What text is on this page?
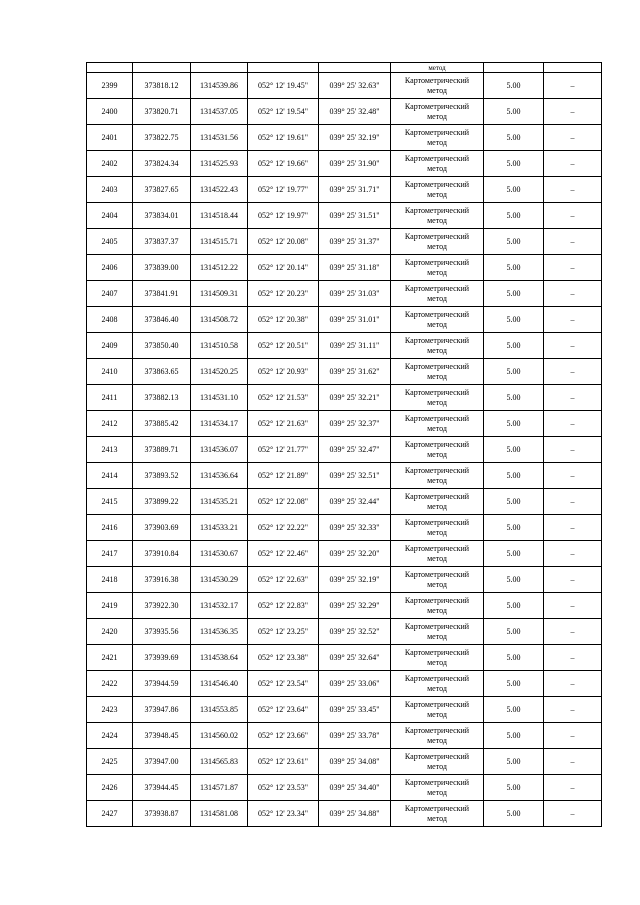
					метод		
2399	373818.12	1314539.86	052° 12' 19.45"	039° 25' 32.63"	Картометрический
метод	5.00	–
2400	373820.71	1314537.05	052° 12' 19.54"	039° 25' 32.48"	Картометрический
метод	5.00	–
2401	373822.75	1314531.56	052° 12' 19.61"	039° 25' 32.19"	Картометрический
метод	5.00	–
2402	373824.34	1314525.93	052° 12' 19.66"	039° 25' 31.90"	Картометрический
метод	5.00	–
2403	373827.65	1314522.43	052° 12' 19.77"	039° 25' 31.71"	Картометрический
метод	5.00	–
2404	373834.01	1314518.44	052° 12' 19.97"	039° 25' 31.51"	Картометрический
метод	5.00	–
2405	373837.37	1314515.71	052° 12' 20.08"	039° 25' 31.37"	Картометрический
метод	5.00	–
2406	373839.00	1314512.22	052° 12' 20.14"	039° 25' 31.18"	Картометрический
метод	5.00	–
2407	373841.91	1314509.31	052° 12' 20.23"	039° 25' 31.03"	Картометрический
метод	5.00	–
2408	373846.40	1314508.72	052° 12' 20.38"	039° 25' 31.01"	Картометрический
метод	5.00	–
2409	373850.40	1314510.58	052° 12' 20.51"	039° 25' 31.11"	Картометрический
метод	5.00	–
2410	373863.65	1314520.25	052° 12' 20.93"	039° 25' 31.62"	Картометрический
метод	5.00	–
2411	373882.13	1314531.10	052° 12' 21.53"	039° 25' 32.21"	Картометрический
метод	5.00	–
2412	373885.42	1314534.17	052° 12' 21.63"	039° 25' 32.37"	Картометрический
метод	5.00	–
2413	373889.71	1314536.07	052° 12' 21.77"	039° 25' 32.47"	Картометрический
метод	5.00	–
2414	373893.52	1314536.64	052° 12' 21.89"	039° 25' 32.51"	Картометрический
метод	5.00	–
2415	373899.22	1314535.21	052° 12' 22.08"	039° 25' 32.44"	Картометрический
метод	5.00	–
2416	373903.69	1314533.21	052° 12' 22.22"	039° 25' 32.33"	Картометрический
метод	5.00	–
2417	373910.84	1314530.67	052° 12' 22.46"	039° 25' 32.20"	Картометрический
метод	5.00	–
2418	373916.38	1314530.29	052° 12' 22.63"	039° 25' 32.19"	Картометрический
метод	5.00	–
2419	373922.30	1314532.17	052° 12' 22.83"	039° 25' 32.29"	Картометрический
метод	5.00	–
2420	373935.56	1314536.35	052° 12' 23.25"	039° 25' 32.52"	Картометрический
метод	5.00	–
2421	373939.69	1314538.64	052° 12' 23.38"	039° 25' 32.64"	Картометрический
метод	5.00	–
2422	373944.59	1314546.40	052° 12' 23.54"	039° 25' 33.06"	Картометрический
метод	5.00	–
2423	373947.86	1314553.85	052° 12' 23.64"	039° 25' 33.45"	Картометрический
метод	5.00	–
2424	373948.45	1314560.02	052° 12' 23.66"	039° 25' 33.78"	Картометрический
метод	5.00	–
2425	373947.00	1314565.83	052° 12' 23.61"	039° 25' 34.08"	Картометрический
метод	5.00	–
2426	373944.45	1314571.87	052° 12' 23.53"	039° 25' 34.40"	Картометрический
метод	5.00	–
2427	373938.87	1314581.08	052° 12' 23.34"	039° 25' 34.88"	Картометрический
метод	5.00	–
